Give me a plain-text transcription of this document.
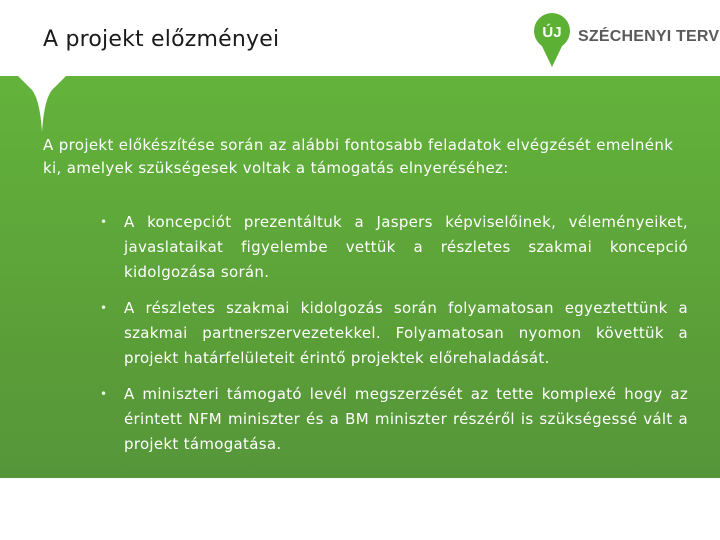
A projekt előzményei	ÚJ SZÉCHENYI TERV
A projekt előkészítése során az alábbi fontosabb feladatok elvégzését emelnénk ki, amelyek szükségesek voltak a támogatás elnyeréséhez:
• A koncepciót prezentáltuk a Jaspers képviselőinek, véleményeiket, javaslataikat figyelembe vettük a részletes szakmai koncepció kidolgozása során.
• A részletes szakmai kidolgozás során folyamatosan egyeztettünk a szakmai partnerszervezetekkel. Folyamatosan nyomon követtük a projekt határfelületeit érintő projektek előrehaladását.
• A miniszteri támogató levél megszerzését az tette komplexé hogy az érintett NFM miniszter és a BM miniszter részéről is szükségessé vált a projekt támogatása.
